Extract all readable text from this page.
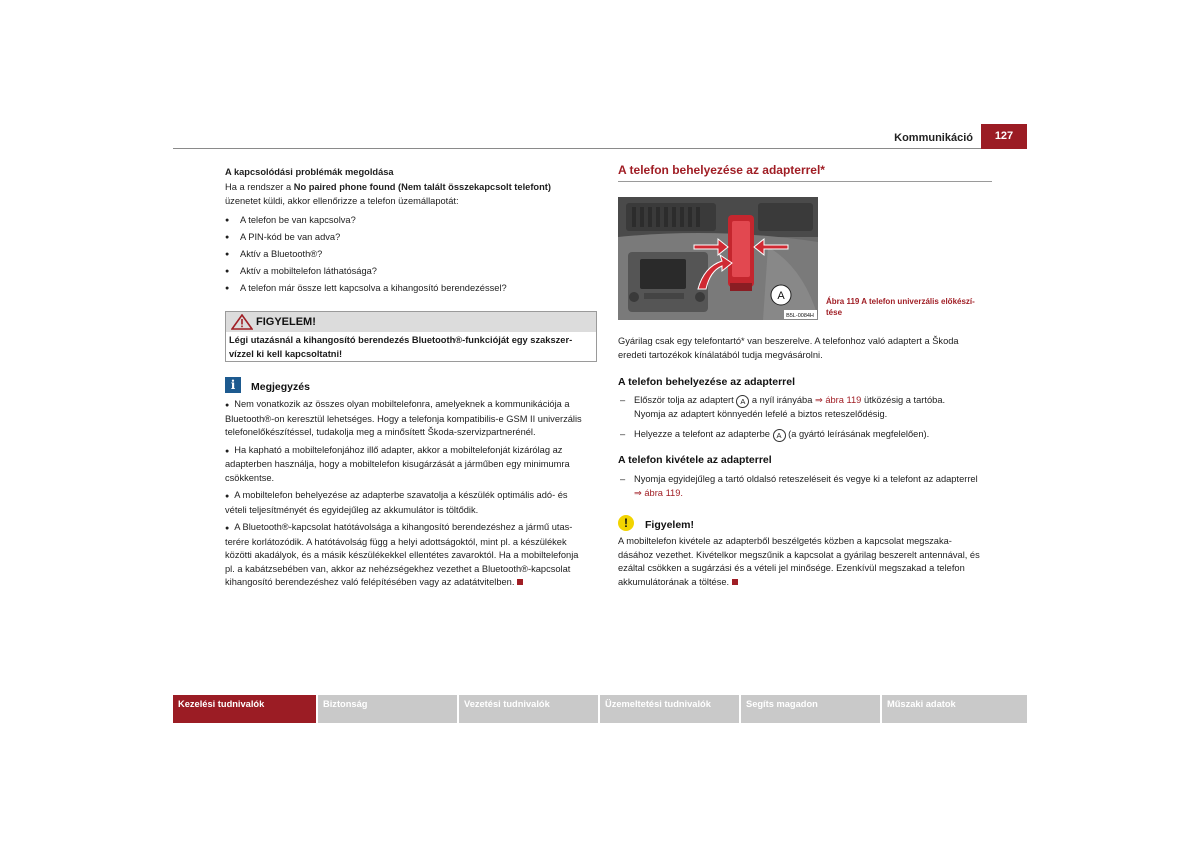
Kommunikáció	127
A kapcsolódási problémák megoldása
Ha a rendszer a No paired phone found (Nem talált összekapcsolt telefont)
üzenetet küldi, akkor ellenőrizze a telefon üzemállapotát:
● A telefon be van kapcsolva?
● A PIN-kód be van adva?
● Aktív a Bluetooth®?
● Aktív a mobiltelefon láthatósága?
● A telefon már össze lett kapcsolva a kihangosító berendezéssel?
FIGYELEM!
Légi utazásnál a kihangosító berendezés Bluetooth®-funkcióját egy szakszer-
vízzel ki kell kapcsoltatni!
i	Megjegyzés
● Nem vonatkozik az összes olyan mobiltelefonra, amelyeknek a kommunikációja a
Bluetooth®-on keresztül lehetséges. Hogy a telefonja kompatibilis-e GSM II univerzális
telefonelőkészítéssel, tudakolja meg a minősített Škoda-szervizpartnerénél.
● Ha kapható a mobiltelefonjához illő adapter, akkor a mobiltelefonját kizárólag az
adapterben használja, hogy a mobiltelefon kisugárzását a járműben egy minimumra
csökkentse.
● A mobiltelefon behelyezése az adapterbe szavatolja a készülék optimális adó- és
vételi teljesítményét és egyidejűleg az akkumulátor is töltődik.
● A Bluetooth®-kapcsolat hatótávolsága a kihangosító berendezéshez a jármű utas-
terére korlátozódik. A hatótávolság függ a helyi adottságoktól, mint pl. a készülékek
közötti akadályok, és a másik készülékekkel ellentétes zavaroktól. Ha a mobiltelefonja
pl. a kabátzsebében van, akkor az nehézségekhez vezethet a Bluetooth®-kapcsolat
kihangosító berendezéshez való felépítésében vagy az adatátvitelben.
A telefon behelyezése az adapterrel*
A
B5L-0084H
Ábra 119 A telefon univerzális előkészí-
tése
Gyárilag csak egy telefontartó* van beszerelve. A telefonhoz való adaptert a Škoda
eredeti tartozékok kínálatából tudja megvásárolni.
A telefon behelyezése az adapterrel
– Először tolja az adaptert A a nyíl irányába ⇒ ábra 119 ütközésig a tartóba.
Nyomja az adaptert könnyedén lefelé a biztos reteszelődésig.
– Helyezze a telefont az adapterbe A (a gyártó leírásának megfelelően).
A telefon kivétele az adapterrel
– Nyomja egyidejűleg a tartó oldalsó reteszeléseit és vegye ki a telefont az adapterrel
⇒ ábra 119.
!	Figyelem!
A mobiltelefon kivétele az adapterből beszélgetés közben a kapcsolat megszaka-
dásához vezethet. Kivételkor megszűnik a kapcsolat a gyárilag beszerelt antennával, és
ezáltal csökken a sugárzási és a vételi jel minősége. Ezenkívül megszakad a telefon
akkumulátorának a töltése.
Kezelési tudnivalók	Biztonság	Vezetési tudnivalók	Üzemeltetési tudnivalók	Segíts magadon	Műszaki adatok
